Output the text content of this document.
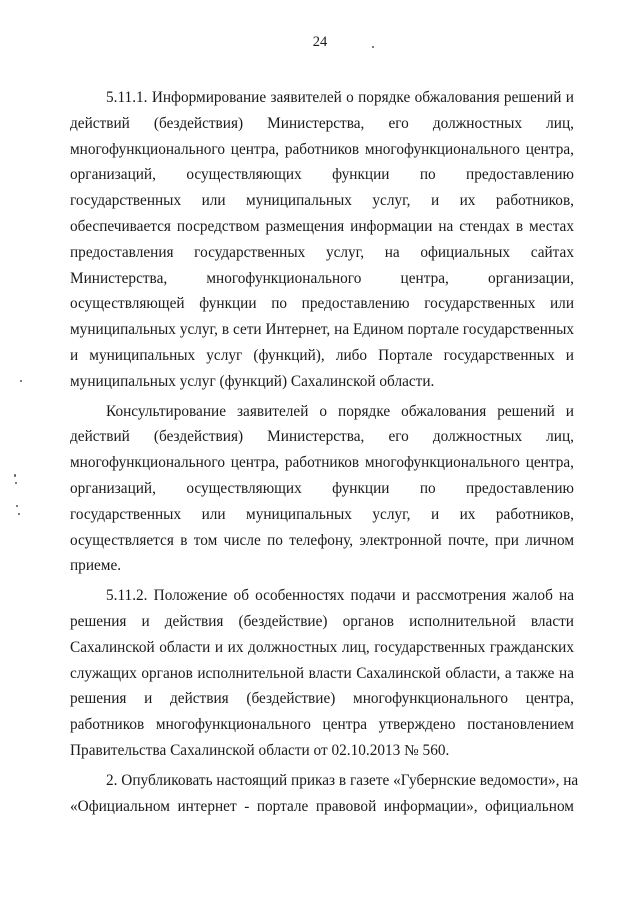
24
5.11.1. Информирование заявителей о порядке обжалования решений и
действий (бездействия) Министерства, его должностных лиц,
многофункционального центра, работников многофункционального центра,
организаций, осуществляющих функции по предоставлению
государственных или муниципальных услуг, и их работников,
обеспечивается посредством размещения информации на стендах в местах
предоставления государственных услуг, на официальных сайтах
Министерства, многофункционального центра, организации,
осуществляющей функции по предоставлению государственных или
муниципальных услуг, в сети Интернет, на Едином портале государственных
и муниципальных услуг (функций), либо Портале государственных и
муниципальных услуг (функций) Сахалинской области.
Консультирование заявителей о порядке обжалования решений и
действий (бездействия) Министерства, его должностных лиц,
многофункционального центра, работников многофункционального центра,
организаций, осуществляющих функции по предоставлению
государственных или муниципальных услуг, и их работников,
осуществляется в том числе по телефону, электронной почте, при личном
приеме.
5.11.2. Положение об особенностях подачи и рассмотрения жалоб на
решения и действия (бездействие) органов исполнительной власти
Сахалинской области и их должностных лиц, государственных гражданских
служащих органов исполнительной власти Сахалинской области, а также на
решения и действия (бездействие) многофункционального центра,
работников многофункционального центра утверждено постановлением
Правительства Сахалинской области от 02.10.2013 № 560.
2. Опубликовать настоящий приказ в газете «Губернские ведомости», на
«Официальном интернет - портале правовой информации», официальном
